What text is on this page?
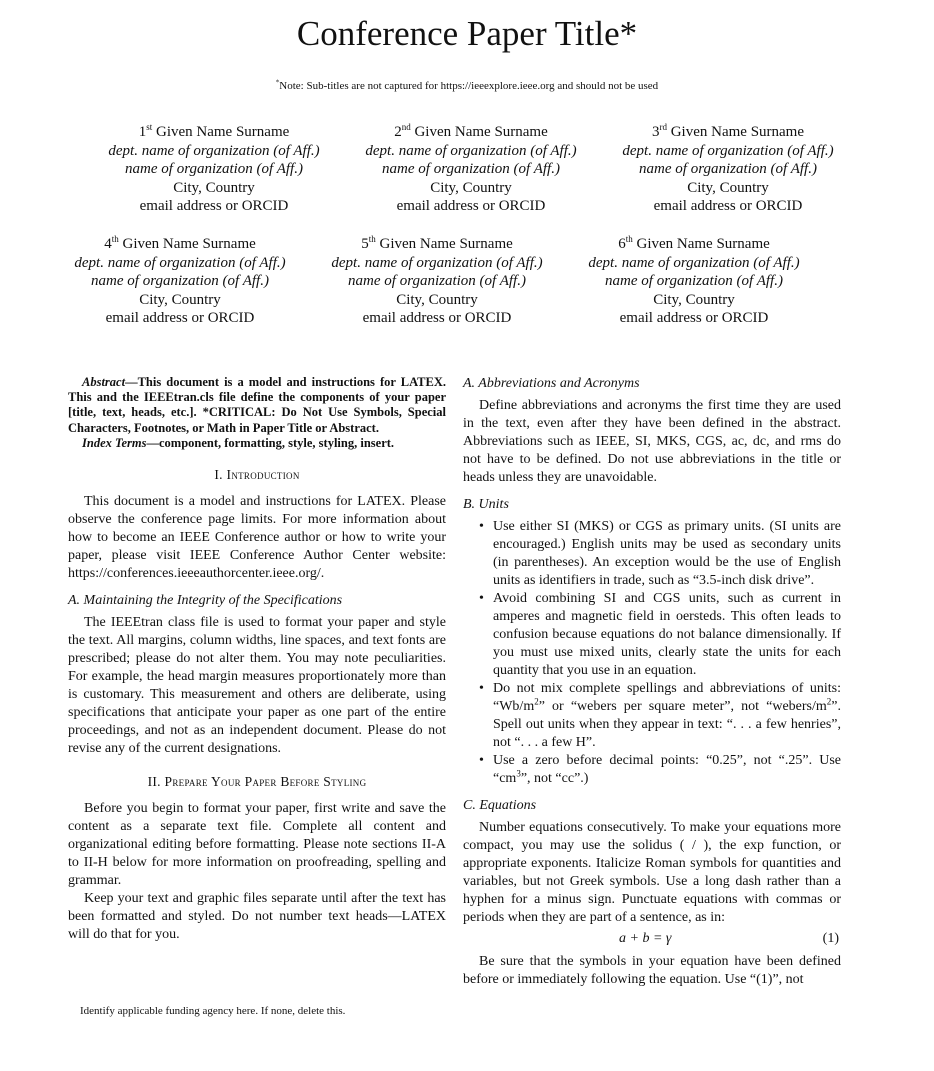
Conference Paper Title*
*Note: Sub-titles are not captured for https://ieeexplore.ieee.org and should not be used
1st Given Name Surname
dept. name of organization (of Aff.)
name of organization (of Aff.)
City, Country
email address or ORCID
2nd Given Name Surname
dept. name of organization (of Aff.)
name of organization (of Aff.)
City, Country
email address or ORCID
3rd Given Name Surname
dept. name of organization (of Aff.)
name of organization (of Aff.)
City, Country
email address or ORCID
4th Given Name Surname
dept. name of organization (of Aff.)
name of organization (of Aff.)
City, Country
email address or ORCID
5th Given Name Surname
dept. name of organization (of Aff.)
name of organization (of Aff.)
City, Country
email address or ORCID
6th Given Name Surname
dept. name of organization (of Aff.)
name of organization (of Aff.)
City, Country
email address or ORCID

Abstract—This document is a model and instructions for LATEX. This and the IEEEtran.cls file define the components of your paper [title, text, heads, etc.]. *CRITICAL: Do Not Use Symbols, Special Characters, Footnotes, or Math in Paper Title or Abstract.

Index Terms—component, formatting, style, styling, insert.

I. Introduction

This document is a model and instructions for LATEX. Please observe the conference page limits. For more information about how to become an IEEE Conference author or how to write your paper, please visit IEEE Conference Author Center website: https://conferences.ieeeauthorcenter.ieee.org/.

A. Maintaining the Integrity of the Specifications

The IEEEtran class file is used to format your paper and style the text. All margins, column widths, line spaces, and text fonts are prescribed; please do not alter them. You may note peculiarities. For example, the head margin measures proportionately more than is customary. This measurement and others are deliberate, using specifications that anticipate your paper as one part of the entire proceedings, and not as an independent document. Please do not revise any of the current designations.

II. Prepare Your Paper Before Styling

Before you begin to format your paper, first write and save the content as a separate text file. Complete all content and organizational editing before formatting. Please note sections II-A to II-H below for more information on proofreading, spelling and grammar.

Keep your text and graphic files separate until after the text has been formatted and styled. Do not number text heads—LATEX will do that for you.

Identify applicable funding agency here. If none, delete this.
A. Abbreviations and Acronyms

Define abbreviations and acronyms the first time they are used in the text, even after they have been defined in the abstract. Abbreviations such as IEEE, SI, MKS, CGS, ac, dc, and rms do not have to be defined. Do not use abbreviations in the title or heads unless they are unavoidable.

B. Units
• Use either SI (MKS) or CGS as primary units. (SI units are encouraged.) English units may be used as secondary units (in parentheses). An exception would be the use of English units as identifiers in trade, such as “3.5-inch disk drive”.
• Avoid combining SI and CGS units, such as current in amperes and magnetic field in oersteds. This often leads to confusion because equations do not balance dimensionally. If you must use mixed units, clearly state the units for each quantity that you use in an equation.
• Do not mix complete spellings and abbreviations of units: “$Wb/m^2$” or “webers per square meter”, not “$webers/m^2$”. Spell out units when they appear in text: “. . . a few henries”, not “. . . a few H”.
• Use a zero before decimal points: “0.25”, not “.25”. Use “$cm^3$”, not “cc”.)
C. Equations

Number equations consecutively. To make your equations more compact, you may use the solidus ( / ), the exp function, or appropriate exponents. Italicize Roman symbols for quantities and variables, but not Greek symbols. Use a long dash rather than a hyphen for a minus sign. Punctuate equations with commas or periods when they are part of a sentence, as in:

a + b = γ	(1)

Be sure that the symbols in your equation have been defined before or immediately following the equation. Use “(1)”, not
